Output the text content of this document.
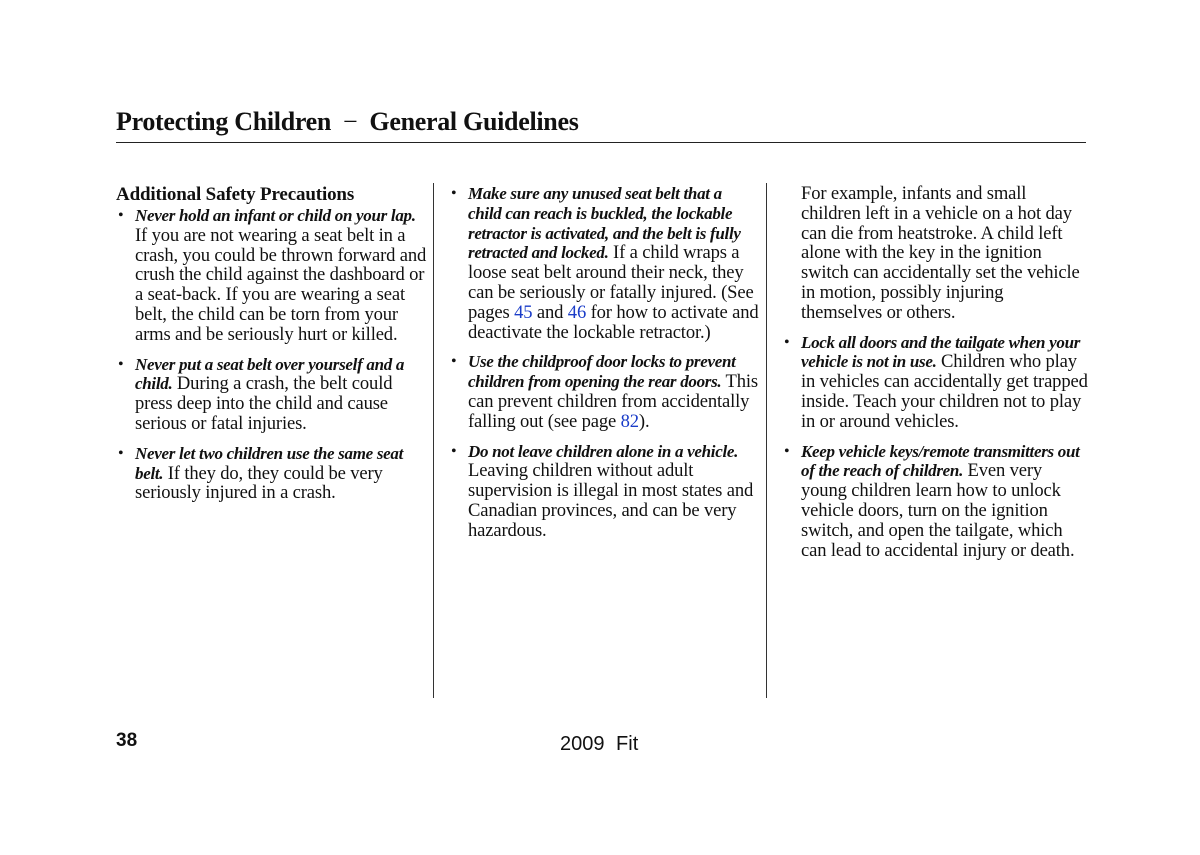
Protecting Children − General Guidelines

Additional Safety Precautions

• Never hold an infant or child on your lap. If you are not wearing a seat belt in a crash, you could be thrown forward and crush the child against the dashboard or a seat-back. If you are wearing a seat belt, the child can be torn from your arms and be seriously hurt or killed.
• Never put a seat belt over yourself and a child. During a crash, the belt could press deep into the child and cause serious or fatal injuries.
• Never let two children use the same seat belt. If they do, they could be very seriously injured in a crash.
• Make sure any unused seat belt that a child can reach is buckled, the lockable retractor is activated, and the belt is fully retracted and locked. If a child wraps a loose seat belt around their neck, they can be seriously or fatally injured. (See pages 45 and 46 for how to activate and deactivate the lockable retractor.)
• Use the childproof door locks to prevent children from opening the rear doors. This can prevent children from accidentally falling out (see page 82).
• Do not leave children alone in a vehicle. Leaving children without adult supervision is illegal in most states and Canadian provinces, and can be very hazardous.

For example, infants and small children left in a vehicle on a hot day can die from heatstroke. A child left alone with the key in the ignition switch can accidentally set the vehicle in motion, possibly injuring themselves or others.

• Lock all doors and the tailgate when your vehicle is not in use. Children who play in vehicles can accidentally get trapped inside. Teach your children not to play in or around vehicles.
• Keep vehicle keys/remote transmitters out of the reach of children. Even very young children learn how to unlock vehicle doors, turn on the ignition switch, and open the tailgate, which can lead to accidental injury or death.
38	2009 Fit
